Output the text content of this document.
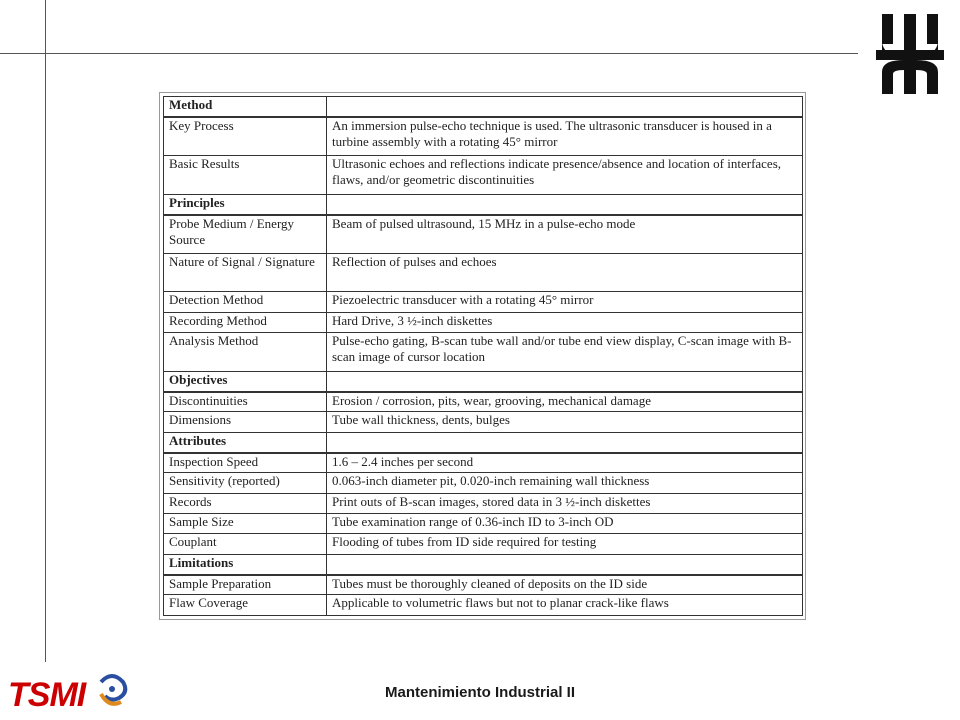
Method	
Key Process	An immersion pulse-echo technique is used. The ultrasonic transducer is housed in a turbine assembly with a rotating 45° mirror
Basic Results	Ultrasonic echoes and reflections indicate presence/absence and location of interfaces, flaws, and/or geometric discontinuities
Principles	
Probe Medium / Energy Source	Beam of pulsed ultrasound, 15 MHz in a pulse-echo mode
Nature of Signal / Signature	Reflection of pulses and echoes
Detection Method	Piezoelectric transducer with a rotating 45° mirror
Recording Method	Hard Drive, 3 ½-inch diskettes
Analysis Method	Pulse-echo gating, B-scan tube wall and/or tube end view display, C-scan image with B-scan image of cursor location
Objectives	
Discontinuities	Erosion / corrosion, pits, wear, grooving, mechanical damage
Dimensions	Tube wall thickness, dents, bulges
Attributes	
Inspection Speed	1.6 – 2.4 inches per second
Sensitivity (reported)	0.063-inch diameter pit, 0.020-inch remaining wall thickness
Records	Print outs of B-scan images, stored data in 3 ½-inch diskettes
Sample Size	Tube examination range of 0.36-inch ID to 3-inch OD
Couplant	Flooding of tubes from ID side required for testing
Limitations	
Sample Preparation	Tubes must be thoroughly cleaned of deposits on the ID side
Flaw Coverage	Applicable to volumetric flaws but not to planar crack-like flaws
TSMI	Mantenimiento Industrial II
